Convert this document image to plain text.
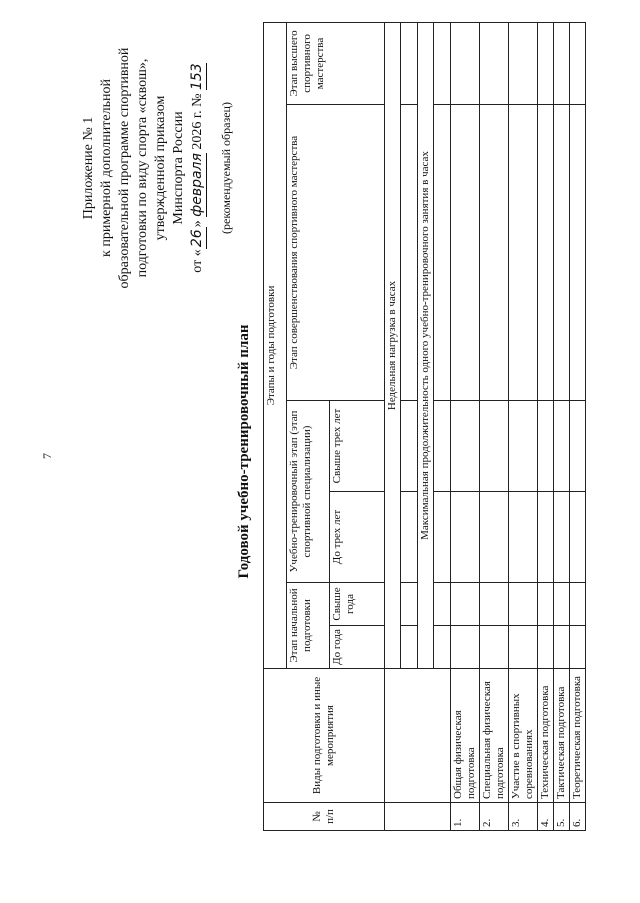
7
Приложение № 1 к примерной дополнительной образовательной программе спортивной подготовки по виду спорта «сквош», утвержденной приказом Минспорта России
от «26» февраля 2026 г. № 153
(рекомендуемый образец)
Годовой учебно-тренировочный план
№ п/п	Виды подготовки и иные мероприятия	Этапы и годы подготовки					
		Этап начальной подготовки		Учебно-тренировочный этап (этап спортивной специализации)		Этап совершенствования спортивного мастерства	Этап высшего спортивного мастерства
		До года	Свыше года	До трех лет	Свыше трех лет		
		Недельная нагрузка в часах					

		Максимальная продолжительность одного учебно-тренировочного занятия в часах					

1.	Общая физическая подготовка						
2.	Специальная физическая подготовка						
3.	Участие в спортивных соревнованиях						
4.	Техническая подготовка						
5.	Тактическая подготовка						
6.	Теоретическая подготовка						
